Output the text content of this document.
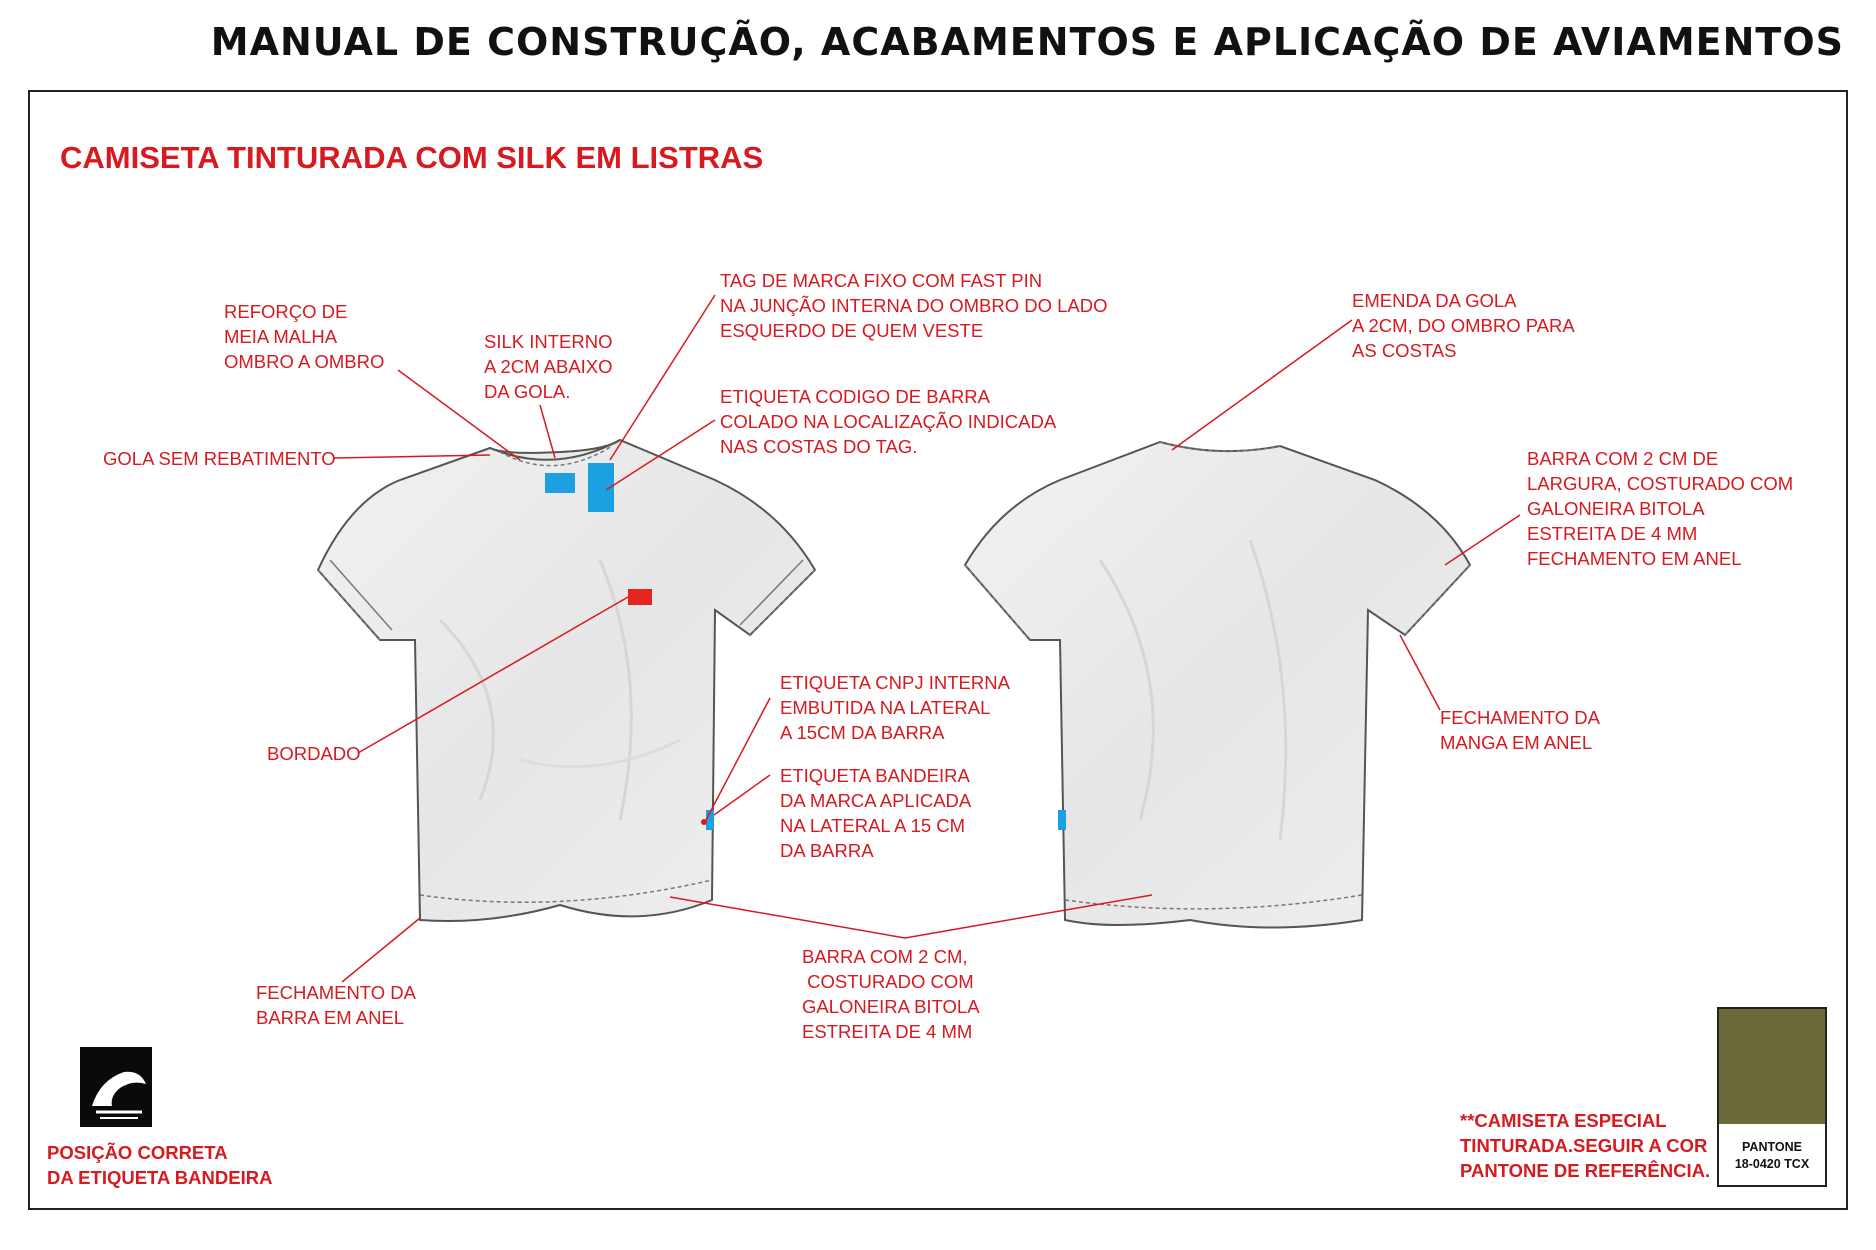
MANUAL DE CONSTRUÇÃO, ACABAMENTOS E APLICAÇÃO DE AVIAMENTOS
CAMISETA TINTURADA COM SILK EM LISTRAS
REFORÇO DE
MEIA MALHA
OMBRO A OMBRO
SILK INTERNO
A 2CM ABAIXO
DA GOLA.
TAG DE MARCA FIXO COM FAST PIN
NA JUNÇÃO INTERNA DO OMBRO DO LADO
ESQUERDO DE QUEM VESTE
ETIQUETA CODIGO DE BARRA
COLADO NA LOCALIZAÇÃO INDICADA
NAS COSTAS DO TAG.
GOLA SEM REBATIMENTO
BORDADO
ETIQUETA CNPJ INTERNA
EMBUTIDA NA LATERAL
A 15CM DA BARRA
ETIQUETA BANDEIRA
DA MARCA APLICADA
NA LATERAL A 15 CM
DA BARRA
FECHAMENTO DA
BARRA EM ANEL
BARRA COM 2 CM,
COSTURADO COM
GALONEIRA BITOLA
ESTREITA DE 4 MM
EMENDA DA GOLA
A 2CM, DO OMBRO PARA
AS COSTAS
BARRA COM 2 CM DE
LARGURA, COSTURADO COM
GALONEIRA BITOLA
ESTREITA DE 4 MM
FECHAMENTO EM ANEL
FECHAMENTO DA
MANGA EM ANEL
POSIÇÃO CORRETA
DA ETIQUETA BANDEIRA
**CAMISETA ESPECIAL
TINTURADA.SEGUIR A COR
PANTONE DE REFERÊNCIA.
PANTONE
18-0420 TCX
